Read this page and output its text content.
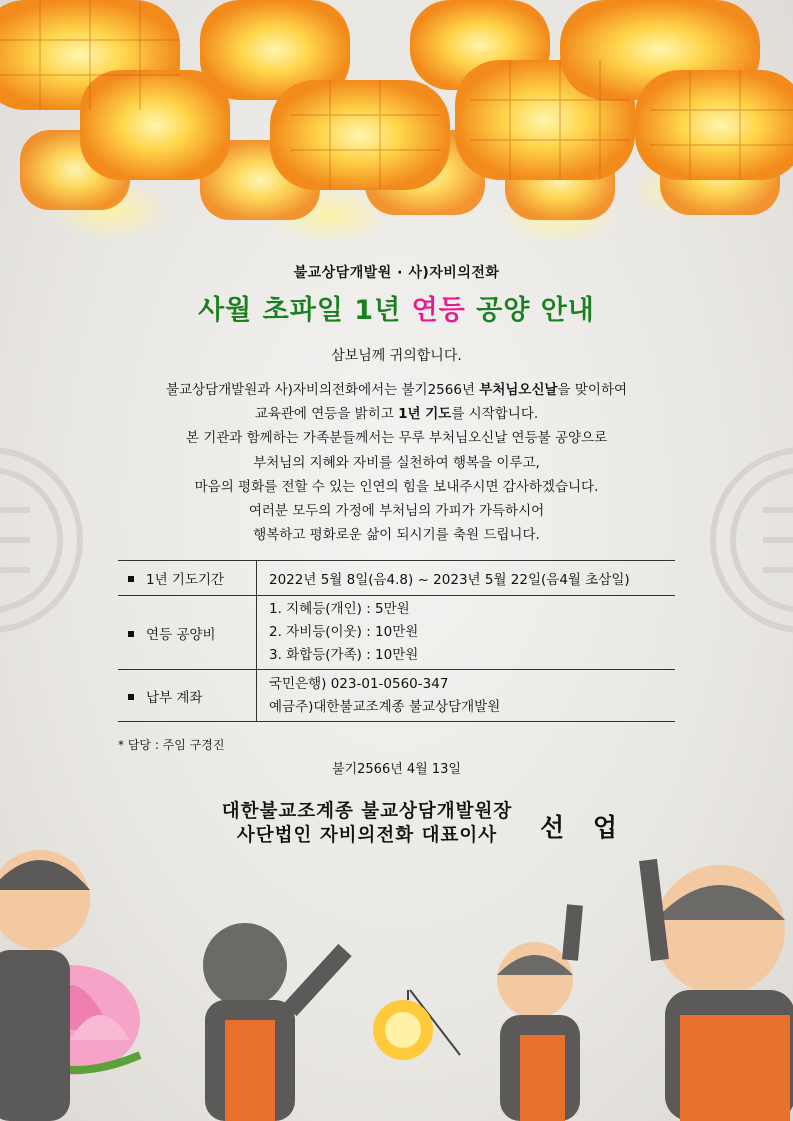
불교상담개발원 · 사)자비의전화
사월 초파일 1년 연등 공양 안내
삼보님께 귀의합니다.
불교상담개발원과 사)자비의전화에서는 불기2566년 부처님오신날을 맞이하여
교육관에 연등을 밝히고 1년 기도를 시작합니다.
본 기관과 함께하는 가족분들께서는 무루 부처님오신날 연등불 공양으로
부처님의 지혜와 자비를 실천하여 행복을 이루고,
마음의 평화를 전할 수 있는 인연의 힘을 보내주시면 감사하겠습니다.
여러분 모두의 가정에 부처님의 가피가 가득하시어
행복하고 평화로운 삶이 되시기를 축원 드립니다.
1년 기도기간	2022년 5월 8일(음4.8) ~ 2023년 5월 22일(음4월 초삼일)
연등 공양비	1. 지혜등(개인) : 5만원
2. 자비등(이웃) : 10만원
3. 화합등(가족) : 10만원

납부 계좌	국민은행) 023-01-0560-347
예금주)대한불교조계종 불교상담개발원
* 담당 : 주임 구경진
불기2566년 4월 13일
대한불교조계종 불교상담개발원장
사단법인 자비의전화 대표이사	선 업
